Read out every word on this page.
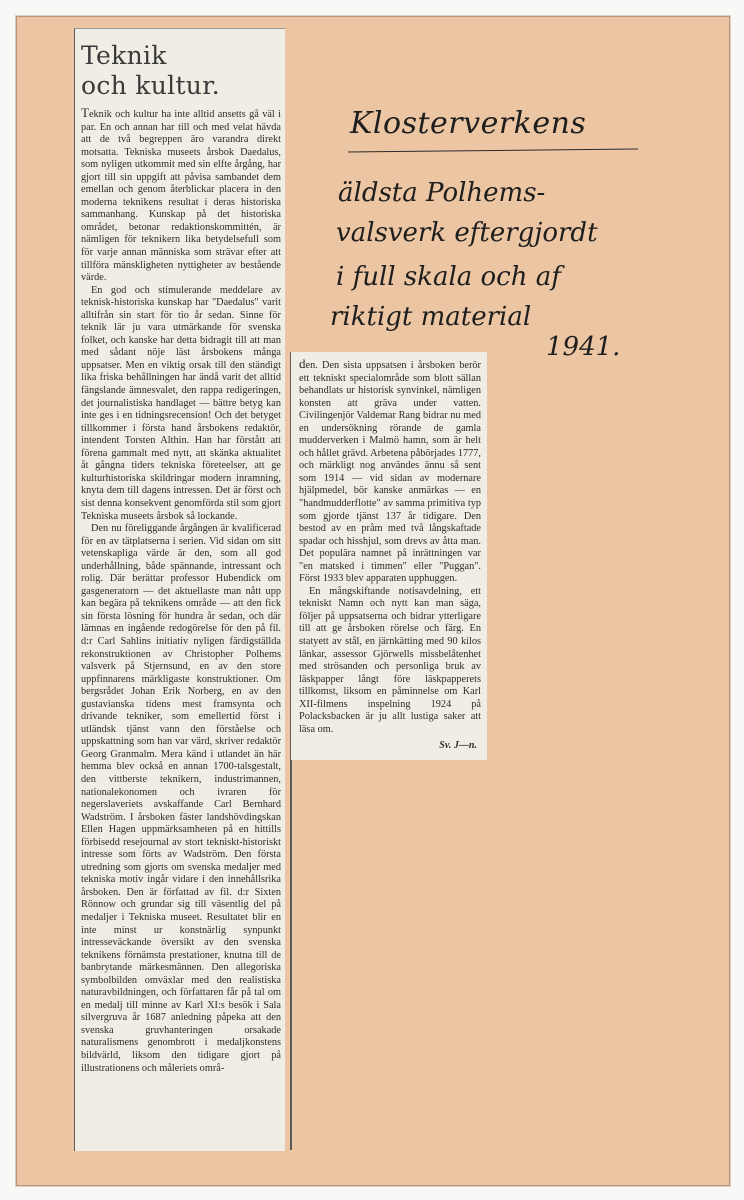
Teknik
och kultur.

Teknik och kultur ha inte alltid ansetts gå väl i par. En och annan har till och med velat hävda att de två begreppen äro varandra direkt motsatta. Tekniska museets årsbok Daedalus, som nyligen utkommit med sin elfte årgång, har gjort till sin uppgift att påvisa sambandet dem emellan och genom återblickar placera in den moderna teknikens resultat i deras historiska sammanhang. Kunskap på det historiska området, betonar redaktionskommittén, är nämligen för teknikern lika betydelsefull som för varje annan människa som strävar efter att tillföra mänskligheten nyttigheter av bestående värde.

En god och stimulerande meddelare av teknisk-historiska kunskap har "Daedalus" varit alltifrån sin start för tio år sedan. Sinne för teknik lär ju vara utmärkande för svenska folket, och kanske har detta bidragit till att man med sådant nöje läst årsbokens många uppsatser. Men en viktig orsak till den ständigt lika friska behållningen har ändå varit det alltid fängslande ämnesvalet, den rappa redigeringen, det journalistiska handlaget — bättre betyg kan inte ges i en tidningsrecension! Och det betyget tillkommer i första hand årsbokens redaktör, intendent Torsten Althin. Han har förstått att förena gammalt med nytt, att skänka aktualitet åt gångna tiders tekniska företeelser, att ge kulturhistoriska skildringar modern inramning, knyta dem till dagens intressen. Det är först och sist denna konsekvent genomförda stil som gjort Tekniska museets årsbok så lockande.

Den nu föreliggande årgången är kvalificerad för en av tätplatserna i serien. Vid sidan om sitt vetenskapliga värde är den, som all god underhållning, både spännande, intressant och rolig. Där berättar professor Hubendick om gasgeneratorn — det aktuellaste man nått upp kan begära på teknikens område — att den fick sin första lösning för hundra år sedan, och där lämnas en ingående redogörelse för den på fil. d:r Carl Sahlins initiativ nyligen färdigställda rekonstruktionen av Christopher Polhems valsverk på Stjernsund, en av den store uppfinnarens märkligaste konstruktioner. Om bergsrådet Johan Erik Norberg, en av den gustavianska tidens mest framsynta och drivande tekniker, som emellertid först i utländsk tjänst vann den förståelse och uppskattning som han var värd, skriver redaktör Georg Granmalm. Mera känd i utlandet än här hemma blev också en annan 1700-talsgestalt, den vittberste teknikern, industrimannen, nationalekonomen och ivraren för negerslaveriets avskaffande Carl Bernhard Wadström. I årsboken fäster landshövdingskan Ellen Hagen uppmärksamheten på en hittills förbisedd resejournal av stort tekniskt-historiskt intresse som förts av Wadström. Den första utredning som gjorts om svenska medaljer med tekniska motiv ingår vidare i den innehållsrika årsboken. Den är författad av fil. d:r Sixten Rönnow och grundar sig till väsentlig del på medaljer i Tekniska museet. Resultatet blir en inte minst ur konstnärlig synpunkt intresseväckande översikt av den svenska teknikens förnämsta prestationer, knutna till de banbrytande märkesmännen. Den allegoriska symbolbilden omväxlar med den realistiska naturavbildningen, och författaren får på tal om en medalj till minne av Karl XI:s besök i Sala silvergruva år 1687 anledning påpeka att den svenska gruvhanteringen orsakade naturalismens genombrott i medaljkonstens bildvärld, liksom den tidigare gjort på illustrationens och måleriets områ-

den. Den sista uppsatsen i årsboken berör ett tekniskt specialområde som blott sällan behandlats ur historisk synvinkel, nämligen konsten att gräva under vatten. Civilingenjör Valdemar Rang bidrar nu med en undersökning rörande de gamla mudderverken i Malmö hamn, som är helt och hållet grävd. Arbetena påbörjades 1777, och märkligt nog användes ännu så sent som 1914 — vid sidan av modernare hjälpmedel, bör kanske anmärkas — en "handmudderflotte" av samma primitiva typ som gjorde tjänst 137 år tidigare. Den bestod av en pråm med två långskaftade spadar och hisshjul, som drevs av åtta man. Det populära namnet på inrättningen var "en matsked i timmen" eller "Puggan". Först 1933 blev apparaten upphuggen.

En mångskiftande notisavdelning, ett tekniskt Namn och nytt kan man säga, följer på uppsatserna och bidrar ytterligare till att ge årsboken rörelse och färg. En statyett av stål, en järnkätting med 90 kilos länkar, assessor Gjörwells missbelåtenhet med strösanden och personliga bruk av läskpapper långt före läskpapperets tillkomst, liksom en påminnelse om Karl XII-filmens inspelning 1924 på Polacksbacken är ju allt lustiga saker att läsa om.

Sv. J—n.
Klosterverkens
äldsta Polhems-
valsverk eftergjordt
i full skala och af
riktigt material
1941.
